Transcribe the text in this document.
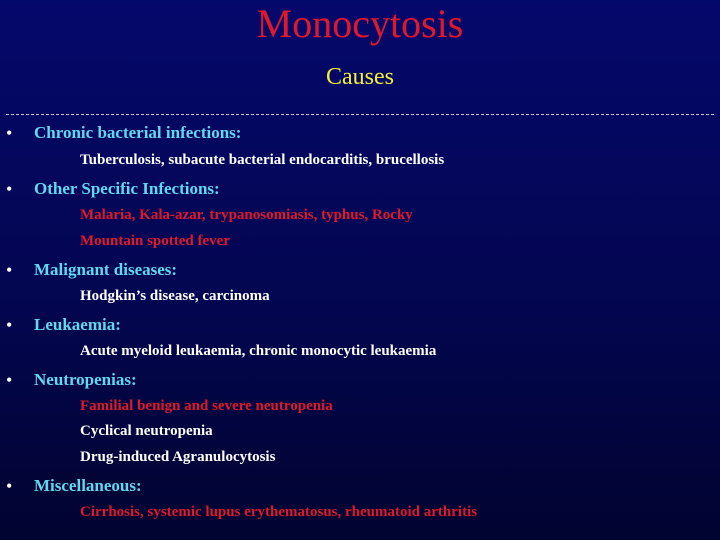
Monocytosis
Causes
• Chronic bacterial infections:
Tuberculosis, subacute bacterial endocarditis, brucellosis
• Other Specific Infections:
Malaria, Kala-azar, trypanosomiasis, typhus, Rocky
Mountain spotted fever
• Malignant diseases:
Hodgkin’s disease, carcinoma
• Leukaemia:
Acute myeloid leukaemia, chronic monocytic leukaemia
• Neutropenias:
Familial benign and severe neutropenia
Cyclical neutropenia
Drug-induced Agranulocytosis
• Miscellaneous:
Cirrhosis, systemic lupus erythematosus, rheumatoid arthritis
